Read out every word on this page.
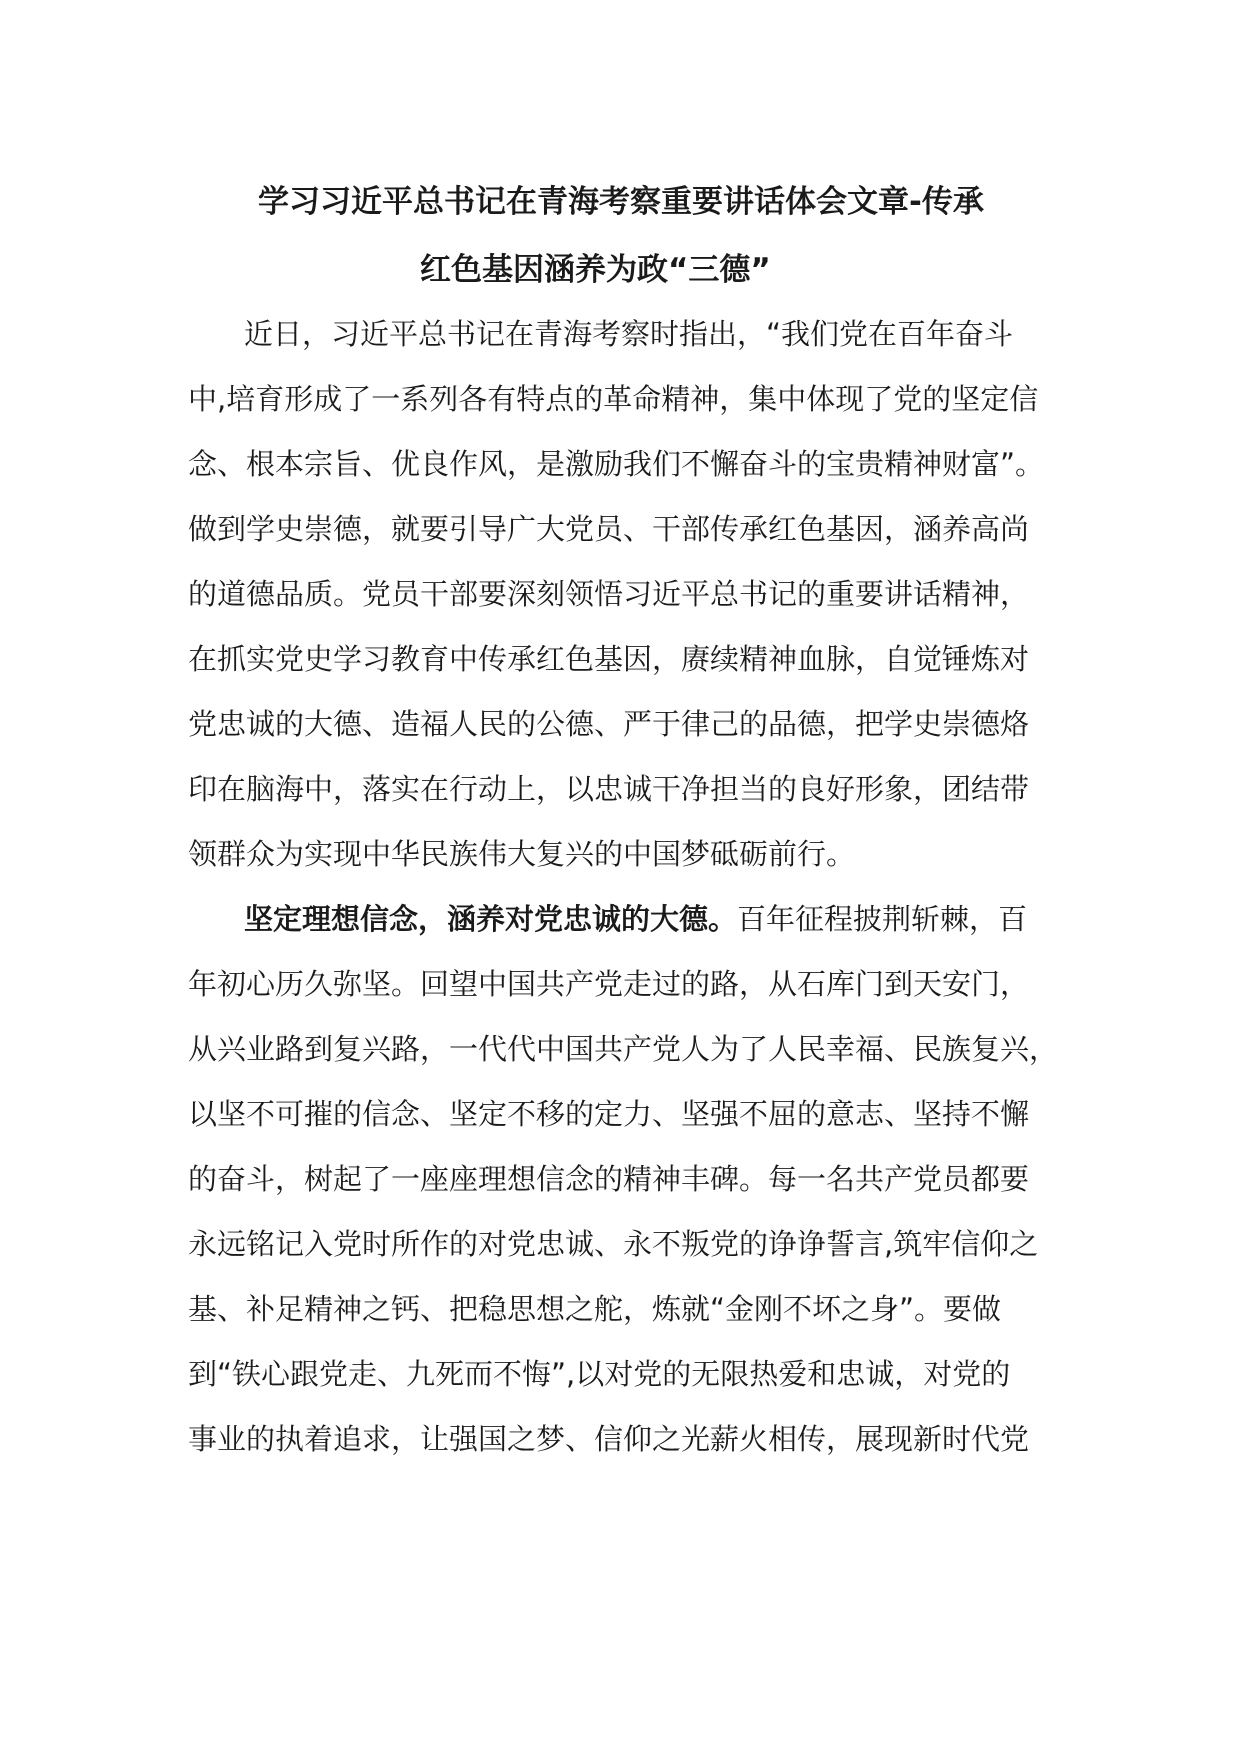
学习习近平总书记在青海考察重要讲话体会文章-传承
红色基因涵养为政“三德”

近日，习近平总书记在青海考察时指出，“我们党在百年奋斗
中,培育形成了一系列各有特点的革命精神，集中体现了党的坚定信
念、根本宗旨、优良作风，是激励我们不懈奋斗的宝贵精神财富”。
做到学史崇德，就要引导广大党员、干部传承红色基因，涵养高尚
的道德品质。党员干部要深刻领悟习近平总书记的重要讲话精神，
在抓实党史学习教育中传承红色基因，赓续精神血脉，自觉锤炼对
党忠诚的大德、造福人民的公德、严于律己的品德，把学史崇德烙
印在脑海中，落实在行动上，以忠诚干净担当的良好形象，团结带
领群众为实现中华民族伟大复兴的中国梦砥砺前行。

坚定理想信念，涵养对党忠诚的大德。百年征程披荆斩棘，百
年初心历久弥坚。回望中国共产党走过的路，从石库门到天安门，
从兴业路到复兴路，一代代中国共产党人为了人民幸福、民族复兴，
以坚不可摧的信念、坚定不移的定力、坚强不屈的意志、坚持不懈
的奋斗，树起了一座座理想信念的精神丰碑。每一名共产党员都要
永远铭记入党时所作的对党忠诚、永不叛党的诤诤誓言,筑牢信仰之
基、补足精神之钙、把稳思想之舵，炼就“金刚不坏之身”。要做
到“铁心跟党走、九死而不悔”,以对党的无限热爱和忠诚，对党的
事业的执着追求，让强国之梦、信仰之光薪火相传，展现新时代党
